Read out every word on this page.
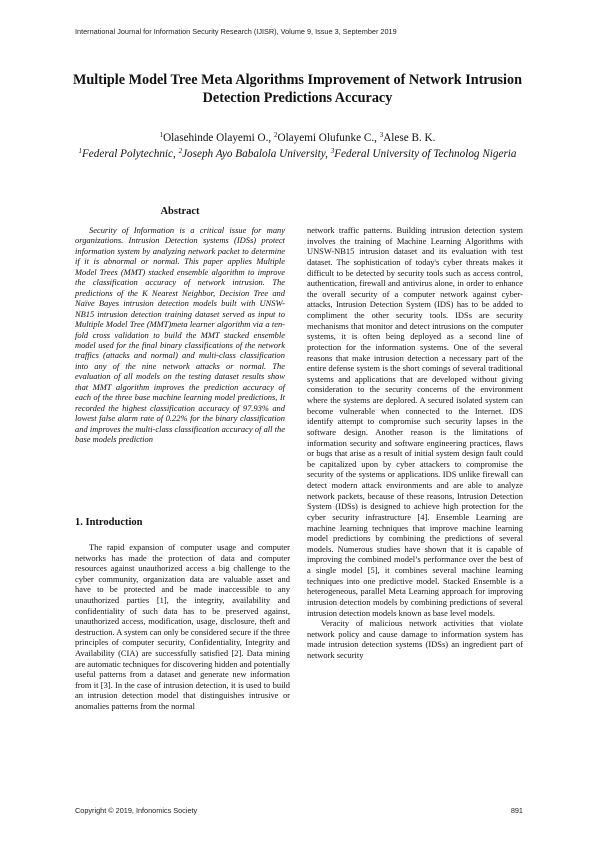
International Journal for Information Security Research (IJISR), Volume 9, Issue 3, September 2019
Multiple Model Tree Meta Algorithms Improvement of Network Intrusion Detection Predictions Accuracy
$^1$Olasehinde Olayemi O., $^2$Olayemi Olufunke C., $^3$Alese B. K.
$^1$Federal Polytechnic, $^2$Joseph Ayo Babalola University, $^3$Federal University of Technolog Nigeria
Abstract

Security of Information is a critical issue for many organizations. Intrusion Detection systems (IDSs) protect information system by analyzing network packet to determine if it is abnormal or normal. This paper applies Multiple Model Trees (MMT) stacked ensemble algorithm to improve the classification accuracy of network intrusion. The predictions of the K Nearest Neighbor, Decision Tree and Naïve Bayes intrusion detection models built with UNSW-NB15 intrusion detection training dataset served as input to Multiple Model Tree (MMT)meta learner algorithm via a ten-fold cross validation to build the MMT stacked ensemble model used for the final binary classifications of the network traffics (attacks and normal) and multi-class classification into any of the nine network attacks or normal. The evaluation of all models on the testing dataset results show that MMT algorithm improves the prediction accuracy of each of the three base machine learning model predictions, It recorded the highest classification accuracy of 97.93% and lowest false alarm rate of 0.22% for the binary classification and improves the multi-class classification accuracy of all the base models prediction

1. Introduction

The rapid expansion of computer usage and computer networks has made the protection of data and computer resources against unauthorized access a big challenge to the cyber community, organization data are valuable asset and have to be protected and be made inaccessible to any unauthorized parties [1], the integrity, availability and confidentiality of such data has to be preserved against, unauthorized access, modification, usage, disclosure, theft and destruction. A system can only be considered secure if the three principles of computer security, Confidentiality, Integrity and Availability (CIA) are successfully satisfied [2]. Data mining are automatic techniques for discovering hidden and potentially useful patterns from a dataset and generate new information from it [3]. In the case of intrusion detection, it is used to build an intrusion detection model that distinguishes intrusive or anomalies patterns from the normal

network traffic patterns. Building intrusion detection system involves the training of Machine Learning Algorithms with UNSW-NB15 intrusion dataset and its evaluation with test dataset. The sophistication of today's cyber threats makes it difficult to be detected by security tools such as access control, authentication, firewall and antivirus alone, in order to enhance the overall security of a computer network against cyber-attacks, Intrusion Detection System (IDS) has to be added to compliment the other security tools. IDSs are security mechanisms that monitor and detect intrusions on the computer systems, it is often being deployed as a second line of protection for the information systems. One of the several reasons that make intrusion detection a necessary part of the entire defense system is the short comings of several traditional systems and applications that are developed without giving consideration to the security concerns of the environment where the systems are deplored. A secured isolated system can become vulnerable when connected to the Internet. IDS identify attempt to compromise such security lapses in the software design. Another reason is the limitations of information security and software engineering practices, flaws or bugs that arise as a result of initial system design fault could be capitalized upon by cyber attackers to compromise the security of the systems or applications. IDS unlike firewall can detect modern attack environments and are able to analyze network packets, because of these reasons, Intrusion Detection System (IDSs) is designed to achieve high protection for the cyber security infrastructure [4]. Ensemble Learning are machine learning techniques that improve machine learning model predictions by combining the predictions of several models. Numerous studies have shown that it is capable of improving the combined model’s performance over the best of a single model [5], it combines several machine learning techniques into one predictive model. Stacked Ensemble is a heterogeneous, parallel Meta Learning approach for improving intrusion detection models by combining predictions of several intrusion detection models known as base level models.

Veracity of malicious network activities that violate network policy and cause damage to information system has made intrusion detection systems (IDSs) an ingredient part of network security

Copyright © 2019, Infonomics Society	891
